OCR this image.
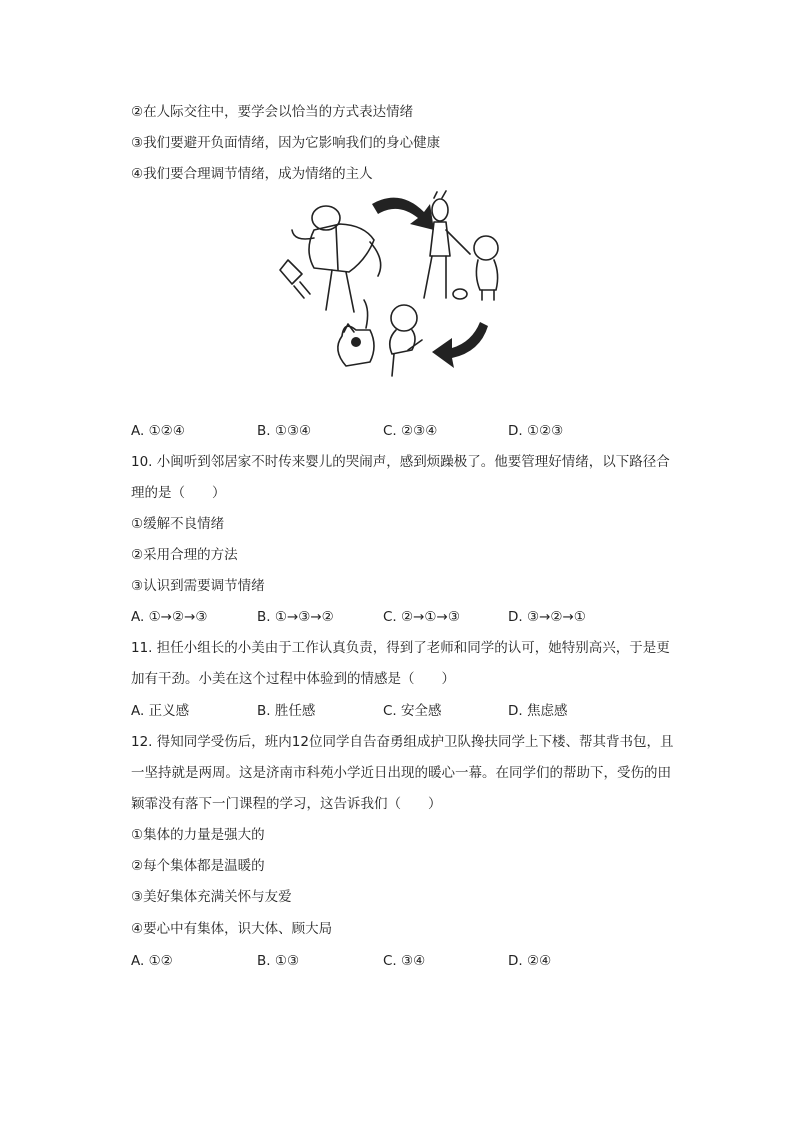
②在人际交往中，要学会以恰当的方式表达情绪
③我们要避开负面情绪，因为它影响我们的身心健康
④我们要合理调节情绪，成为情绪的主人
A. ①②④	B. ①③④	C. ②③④	D. ①②③
10. 小闽听到邻居家不时传来婴儿的哭闹声，感到烦躁极了。他要管理好情绪，以下路径合
理的是（　　）
①缓解不良情绪
②采用合理的方法
③认识到需要调节情绪
A. ①→②→③	B. ①→③→②	C. ②→①→③	D. ③→②→①
11. 担任小组长的小美由于工作认真负责，得到了老师和同学的认可，她特别高兴，于是更
加有干劲。小美在这个过程中体验到的情感是（　　）
A. 正义感	B. 胜任感	C. 安全感	D. 焦虑感
12. 得知同学受伤后，班内12位同学自告奋勇组成护卫队搀扶同学上下楼、帮其背书包，且
一坚持就是两周。这是济南市科苑小学近日出现的暖心一幕。在同学们的帮助下，受伤的田
颖霏没有落下一门课程的学习，这告诉我们（　　）
①集体的力量是强大的
②每个集体都是温暖的
③美好集体充满关怀与友爱
④要心中有集体，识大体、顾大局
A. ①②	B. ①③	C. ③④	D. ②④
